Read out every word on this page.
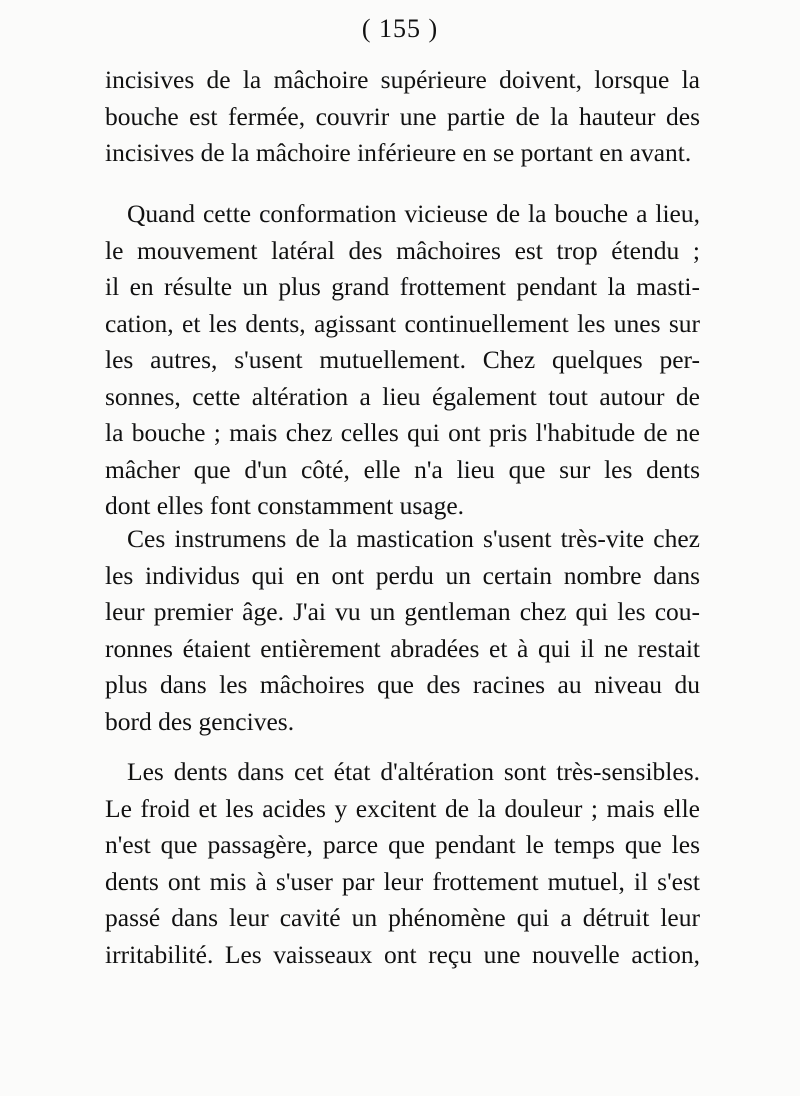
( 155 )
incisives de la mâchoire supérieure doivent, lorsque la
bouche est fermée, couvrir une partie de la hauteur des
incisives de la mâchoire inférieure en se portant en avant.
Quand cette conformation vicieuse de la bouche a lieu,
le mouvement latéral des mâchoires est trop étendu ;
il en résulte un plus grand frottement pendant la masti-
cation, et les dents, agissant continuellement les unes sur
les autres, s'usent mutuellement. Chez quelques per-
sonnes, cette altération a lieu également tout autour de
la bouche ; mais chez celles qui ont pris l'habitude de ne
mâcher que d'un côté, elle n'a lieu que sur les dents
dont elles font constamment usage.
Ces instrumens de la mastication s'usent très-vite chez
les individus qui en ont perdu un certain nombre dans
leur premier âge. J'ai vu un gentleman chez qui les cou-
ronnes étaient entièrement abradées et à qui il ne restait
plus dans les mâchoires que des racines au niveau du
bord des gencives.
Les dents dans cet état d'altération sont très-sensibles.
Le froid et les acides y excitent de la douleur ; mais elle
n'est que passagère, parce que pendant le temps que les
dents ont mis à s'user par leur frottement mutuel, il s'est
passé dans leur cavité un phénomène qui a détruit leur
irritabilité. Les vaisseaux ont reçu une nouvelle action,
